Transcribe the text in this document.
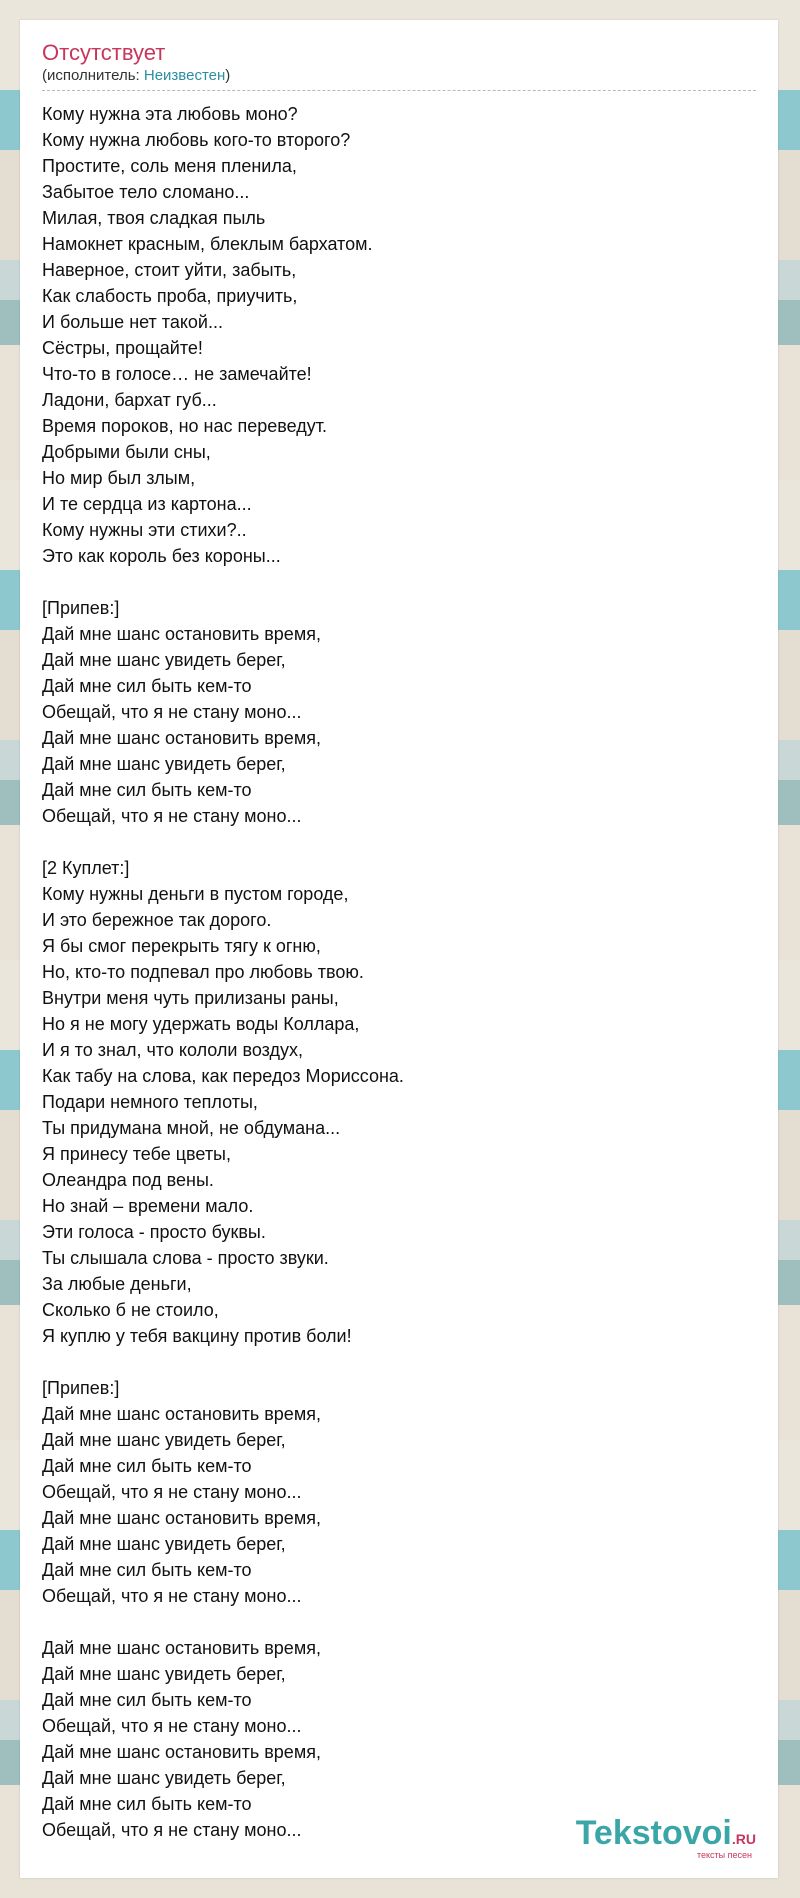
Отсутствует
(исполнитель: Неизвестен)
Кому нужна эта любовь моно?
Кому нужна любовь кого-то второго?
Простите, соль меня пленила,
Забытое тело сломано...
Милая, твоя сладкая пыль
Намокнет красным, блеклым бархатом.
Наверное, стоит уйти, забыть,
Как слабость проба, приучить,
И больше нет такой...
Сёстры, прощайте!
Что-то в голосе… не замечайте!
Ладони, бархат губ...
Время пороков, но нас переведут.
Добрыми были сны,
Но мир был злым,
И те сердца из картона...
Кому нужны эти стихи?..
Это как король без короны...
[Припев:]
Дай мне шанс остановить время,
Дай мне шанс увидеть берег,
Дай мне сил быть кем-то
Обещай, что я не стану моно...
Дай мне шанс остановить время,
Дай мне шанс увидеть берег,
Дай мне сил быть кем-то
Обещай, что я не стану моно...
[2 Куплет:]
Кому нужны деньги в пустом городе,
И это бережное так дорого.
Я бы смог перекрыть тягу к огню,
Но, кто-то подпевал про любовь твою.
Внутри меня чуть прилизаны раны,
Но я не могу удержать воды Коллара,
И я то знал, что кололи воздух,
Как табу на слова, как передоз Мориссона.
Подари немного теплоты,
Ты придумана мной, не обдумана...
Я принесу тебе цветы,
Олеандра под вены.
Но знай – времени мало.
Эти голоса - просто буквы.
Ты слышала слова - просто звуки.
За любые деньги,
Сколько б не стоило,
Я куплю у тебя вакцину против боли!
[Припев:]
Дай мне шанс остановить время,
Дай мне шанс увидеть берег,
Дай мне сил быть кем-то
Обещай, что я не стану моно...
Дай мне шанс остановить время,
Дай мне шанс увидеть берег,
Дай мне сил быть кем-то
Обещай, что я не стану моно...
Дай мне шанс остановить время,
Дай мне шанс увидеть берег,
Дай мне сил быть кем-то
Обещай, что я не стану моно...
Дай мне шанс остановить время,
Дай мне шанс увидеть берег,
Дай мне сил быть кем-то
Обещай, что я не стану моно...	Tekstovoi.RU
тексты песен
